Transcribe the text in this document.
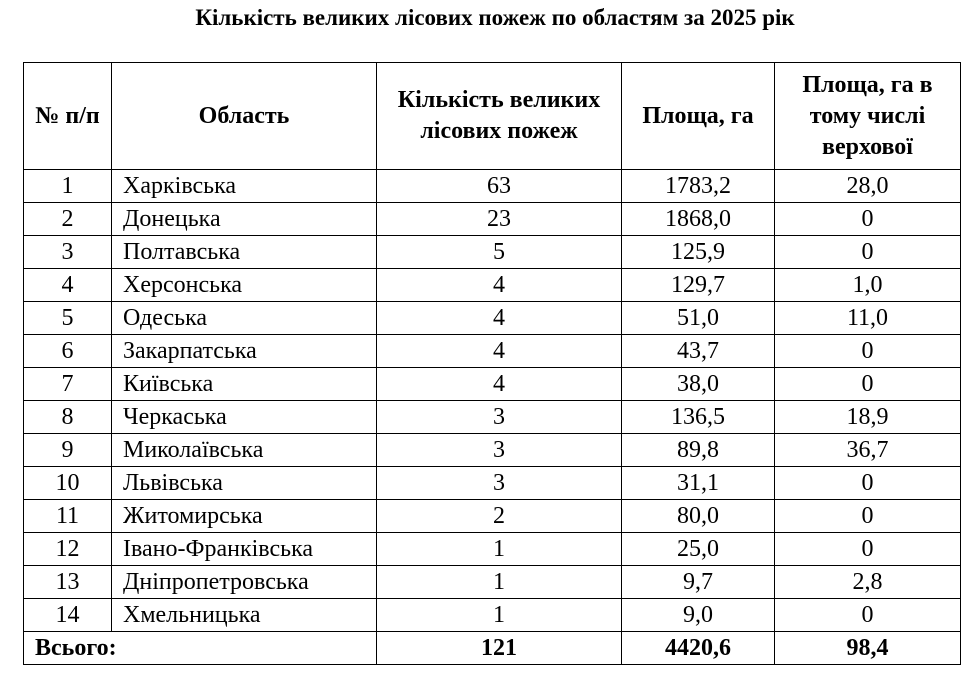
Кількість великих лісових пожеж по областям за 2025 рік
№ п/п	Область	Кількість великих лісових пожеж	Площа, га	Площа, га в тому числі верхової
1	Харківська	63	1783,2	28,0
2	Донецька	23	1868,0	0
3	Полтавська	5	125,9	0
4	Херсонська	4	129,7	1,0
5	Одеська	4	51,0	11,0
6	Закарпатська	4	43,7	0
7	Київська	4	38,0	0
8	Черкаська	3	136,5	18,9
9	Миколаївська	3	89,8	36,7
10	Львівська	3	31,1	0
11	Житомирська	2	80,0	0
12	Івано-Франківська	1	25,0	0
13	Дніпропетровська	1	9,7	2,8
14	Хмельницька	1	9,0	0
Всього:		121	4420,6	98,4
